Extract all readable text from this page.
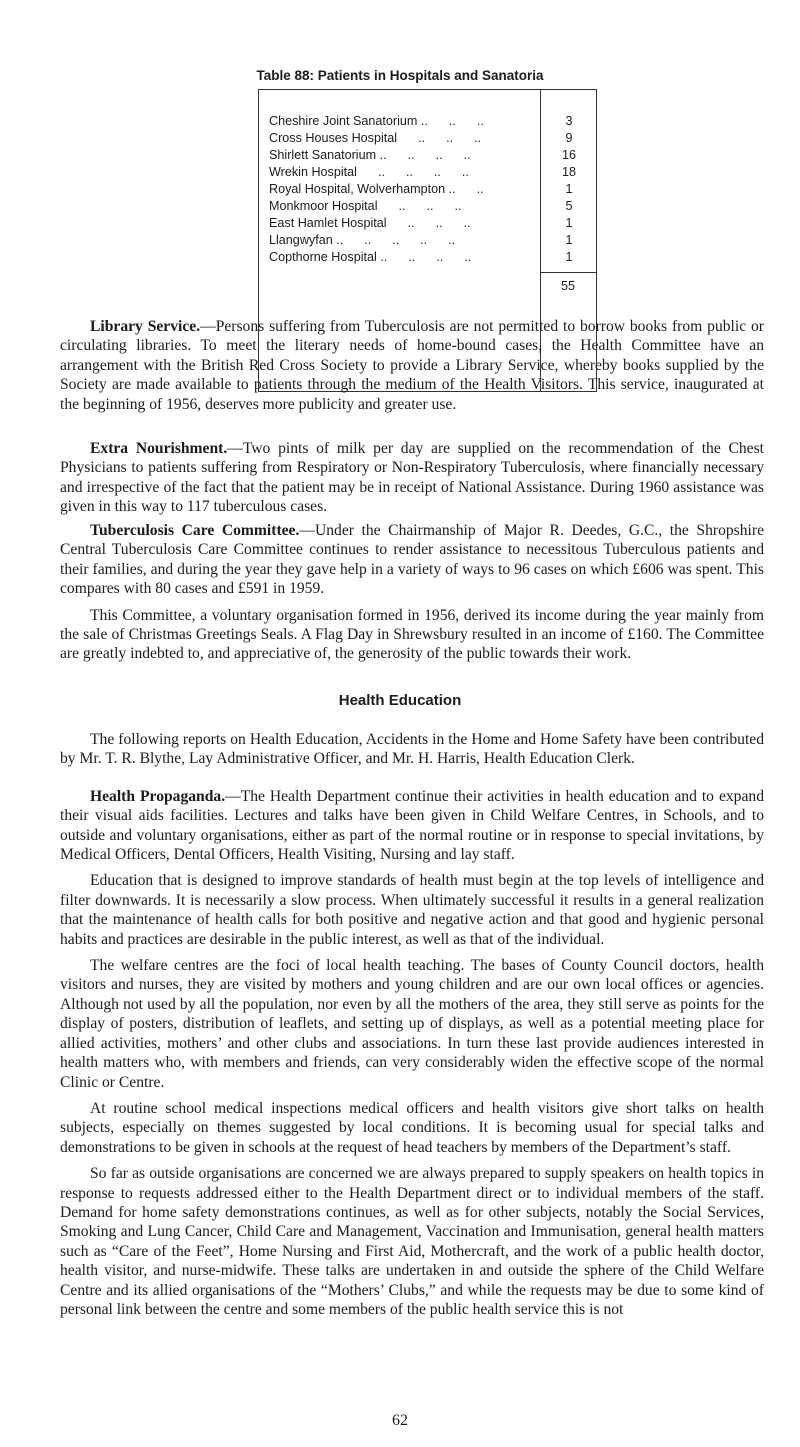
Table 88: Patients in Hospitals and Sanatoria
Cheshire Joint Sanatorium ..      ..      ..	3
Cross Houses Hospital      ..      ..      ..	9
Shirlett Sanatorium ..      ..      ..      ..	16
Wrekin Hospital      ..      ..      ..      ..	18
Royal Hospital, Wolverhampton ..      ..	1
Monkmoor Hospital      ..      ..      ..	5
East Hamlet Hospital      ..      ..      ..	1
Llangwyfan ..      ..      ..      ..      ..	1
Copthorne Hospital ..      ..      ..      ..	1
55

Library Service.—Persons suffering from Tuberculosis are not permitted to borrow books from public or circulating libraries. To meet the literary needs of home-bound cases, the Health Committee have an arrangement with the British Red Cross Society to provide a Library Service, whereby books supplied by the Society are made available to patients through the medium of the Health Visitors. This service, inaugurated at the beginning of 1956, deserves more publicity and greater use.

Extra Nourishment.—Two pints of milk per day are supplied on the recommendation of the Chest Physicians to patients suffering from Respiratory or Non-Respiratory Tuberculosis, where financially necessary and irrespective of the fact that the patient may be in receipt of National Assistance. During 1960 assistance was given in this way to 117 tuberculous cases.

Tuberculosis Care Committee.—Under the Chairmanship of Major R. Deedes, G.C., the Shropshire Central Tuberculosis Care Committee continues to render assistance to necessitous Tuberculous patients and their families, and during the year they gave help in a variety of ways to 96 cases on which £606 was spent. This compares with 80 cases and £591 in 1959.

This Committee, a voluntary organisation formed in 1956, derived its income during the year mainly from the sale of Christmas Greetings Seals. A Flag Day in Shrewsbury resulted in an income of £160. The Committee are greatly indebted to, and appreciative of, the generosity of the public towards their work.

Health Education

The following reports on Health Education, Accidents in the Home and Home Safety have been contributed by Mr. T. R. Blythe, Lay Administrative Officer, and Mr. H. Harris, Health Education Clerk.

Health Propaganda.—The Health Department continue their activities in health education and to expand their visual aids facilities. Lectures and talks have been given in Child Welfare Centres, in Schools, and to outside and voluntary organisations, either as part of the normal routine or in response to special invitations, by Medical Officers, Dental Officers, Health Visiting, Nursing and lay staff.

Education that is designed to improve standards of health must begin at the top levels of intelligence and filter downwards. It is necessarily a slow process. When ultimately successful it results in a general realization that the maintenance of health calls for both positive and negative action and that good and hygienic personal habits and practices are desirable in the public interest, as well as that of the individual.

The welfare centres are the foci of local health teaching. The bases of County Council doctors, health visitors and nurses, they are visited by mothers and young children and are our own local offices or agencies. Although not used by all the population, nor even by all the mothers of the area, they still serve as points for the display of posters, distribution of leaflets, and setting up of displays, as well as a potential meeting place for allied activities, mothers’ and other clubs and associations. In turn these last provide audiences interested in health matters who, with members and friends, can very considerably widen the effective scope of the normal Clinic or Centre.

At routine school medical inspections medical officers and health visitors give short talks on health subjects, especially on themes suggested by local conditions. It is becoming usual for special talks and demonstrations to be given in schools at the request of head teachers by members of the Department’s staff.

So far as outside organisations are concerned we are always prepared to supply speakers on health topics in response to requests addressed either to the Health Department direct or to individual members of the staff. Demand for home safety demonstrations continues, as well as for other subjects, notably the Social Services, Smoking and Lung Cancer, Child Care and Management, Vaccination and Immunisation, general health matters such as “Care of the Feet”, Home Nursing and First Aid, Mothercraft, and the work of a public health doctor, health visitor, and nurse-midwife. These talks are undertaken in and outside the sphere of the Child Welfare Centre and its allied organisations of the “Mothers’ Clubs,” and while the requests may be due to some kind of personal link between the centre and some members of the public health service this is not

62
